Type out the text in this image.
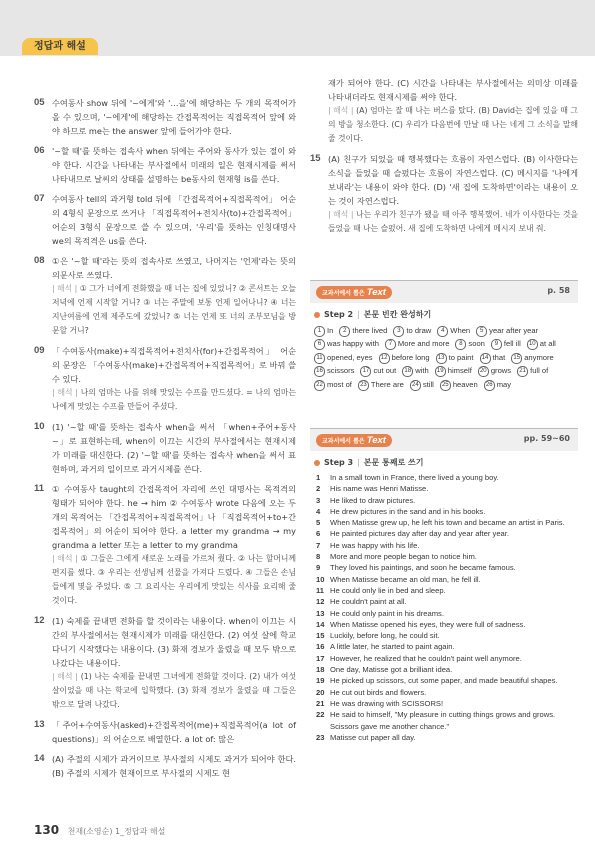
정답과 해설
05 수여동사 show 뒤에 '~에게'와 '…을'에 해당하는 두 개의 목적어가 올 수 있으며, '~에게'에 해당하는 간접목적어는 직접목적어 앞에 와야 하므로 me는 the answer 앞에 들어가야 한다.

06 '~할 때'를 뜻하는 접속사 when 뒤에는 주어와 동사가 있는 절이 와야 한다. 시간을 나타내는 부사절에서 미래의 일은 현재시제를 써서 나타내므로 날씨의 상태를 설명하는 be동사의 현재형 is를 쓴다.

07 수여동사 tell의 과거형 told 뒤에 「간접목적어+직접목적어」 어순의 4형식 문장으로 쓰거나 「직접목적어+전치사(to)+간접목적어」 어순의 3형식 문장으로 쓸 수 있으며, '우리'를 뜻하는 인칭대명사 we의 목적격은 us를 쓴다.

08 ①은 '~할 때'라는 뜻의 접속사로 쓰였고, 나머지는 '언제'라는 뜻의 의문사로 쓰였다.

| 해석 | ① 그가 너에게 전화했을 때 너는 집에 있었니? ② 콘서트는 오늘 저녁에 언제 시작할 거니? ③ 너는 주말에 보통 언제 일어나니? ④ 너는 지난여름에 언제 제주도에 갔었니? ⑤ 너는 언제 또 너의 조부모님을 방문할 거니?

09 「수여동사(make)+직접목적어+전치사(for)+간접목적어」 어순의 문장은 「수여동사(make)+간접목적어+직접목적어」로 바꿔 쓸 수 있다.

| 해석 | 나의 엄마는 나를 위해 맛있는 수프를 만드셨다. = 나의 엄마는 나에게 맛있는 수프를 만들어 주셨다.

10 (1) '~할 때'를 뜻하는 접속사 when을 써서 「when+주어+동사 ~」로 표현하는데, when이 이끄는 시간의 부사절에서는 현재시제가 미래를 대신한다. (2) '~할 때'를 뜻하는 접속사 when을 써서 표현하며, 과거의 일이므로 과거시제를 쓴다.

11 ① 수여동사 taught의 간접목적어 자리에 쓰인 대명사는 목적격의 형태가 되어야 한다. he → him ② 수여동사 wrote 다음에 오는 두 개의 목적어는 「간접목적어+직접목적어」나 「직접목적어+to+간접목적어」의 어순이 되어야 한다. a letter my grandma → my grandma a letter 또는 a letter to my grandma

| 해석 | ① 그들은 그에게 새로운 노래를 가르쳐 줬다. ② 나는 할머니께 편지를 썼다. ③ 우리는 선생님께 선물을 가져다 드렸다. ④ 그들은 손님들에게 몇을 주었다. ⑤ 그 요리사는 우리에게 맛있는 식사를 요리해 줄 것이다.

12 (1) 숙제를 끝내면 전화를 할 것이라는 내용이다. when이 이끄는 시간의 부사절에서는 현재시제가 미래를 대신한다. (2) 여섯 살에 학교 다니기 시작했다는 내용이다. (3) 화재 경보가 울렸을 때 모두 밖으로 나갔다는 내용이다.

| 해석 | (1) 나는 숙제를 끝내면 그녀에게 전화할 것이다. (2) 내가 여섯 살이었을 때 나는 학교에 입학했다. (3) 화재 경보가 울렸을 때 그들은 밖으로 달려 나갔다.

13 「주어+수여동사(asked)+간접목적어(me)+직접목적어(a lot of questions)」의 어순으로 배열한다. a lot of: 많은

14 (A) 주절의 시제가 과거이므로 부사절의 시제도 과거가 되어야 한다. (B) 주절의 시제가 현재이므로 부사절의 시제도 현

재가 되어야 한다. (C) 시간을 나타내는 부사절에서는 의미상 미래를 나타내더라도 현재시제를 써야 한다.

| 해석 | (A) 엄마는 잘 때 나는 버스를 탔다. (B) David는 집에 있을 때 그의 방을 청소한다. (C) 우리가 다음번에 만날 때 나는 네게 그 소식을 말해 줄 것이다.

15 (A) 친구가 되었을 때 행복했다는 흐름이 자연스럽다. (B) 이사한다는 소식을 들었을 때 슬펐다는 흐름이 자연스럽다. (C) 메시지를 '나에게 보내라'는 내용이 와야 한다. (D) '새 집에 도착하면'이라는 내용이 오는 것이 자연스럽다.

| 해석 | 나는 우리가 친구가 됐을 때 아주 행복했어. 네가 이사한다는 것을 들었을 때 나는 슬펐어. 새 집에 도착하면 나에게 메시지 보내 줘.

교과서에서 뽑은 Text	p. 58
Step 2 | 본문 빈칸 완성하기
1 In 2 there lived 3 to draw 4 When 5 year after year6 was happy with 7 More and more 8 soon 9 fell ill 10 at all11 opened, eyes 12 before long 13 to paint 14 that 15 anymore16 scissors 17 cut out 18 with 19 himself 20 grows 21 full of22 most of 23 There are 24 still 25 heaven 26 may
교과서에서 뽑은 Text	pp. 59~60
Step 3 | 본문 통째로 쓰기
1 In a small town in France, there lived a young boy.
2 His name was Henri Matisse.
3 He liked to draw pictures.
4 He drew pictures in the sand and in his books.
5 When Matisse grew up, he left his town and became an artist in Paris.
6 He painted pictures day after day and year after year.
7 He was happy with his life.
8 More and more people began to notice him.
9 They loved his paintings, and soon he became famous.
10 When Matisse became an old man, he fell ill.
11 He could only lie in bed and sleep.
12 He couldn't paint at all.
13 He could only paint in his dreams.
14 When Matisse opened his eyes, they were full of sadness.
15 Luckily, before long, he could sit.
16 A little later, he started to paint again.
17 However, he realized that he couldn't paint well anymore.
18 One day, Matisse got a brilliant idea.
19 He picked up scissors, cut some paper, and made beautiful shapes.
20 He cut out birds and flowers.
21 He was drawing with SCISSORS!
22 He said to himself, "My pleasure in cutting things grows and grows. Scissors gave me another chance."
23 Matisse cut paper all day.
130 천재(소영순) 1_정답과 해설
